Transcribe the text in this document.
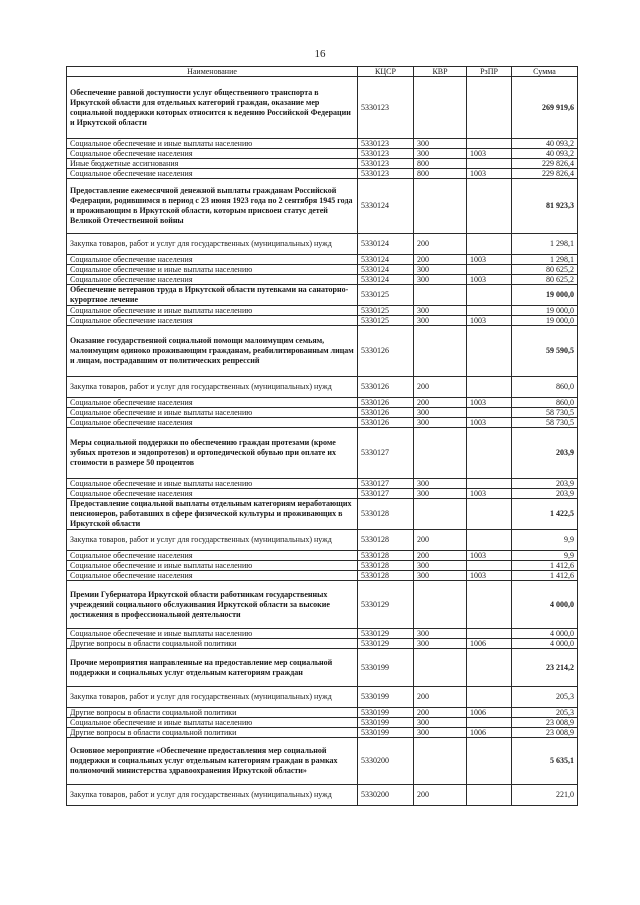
16
Наименование	КЦСР	КВР	РзПР	Сумма
Обеспечение равной доступности услуг общественного транспорта в Иркутской области для отдельных категорий граждан, оказание мер социальной поддержки которых относится к ведению Российской Федерации и Иркутской области	5330123			269 919,6
Социальное обеспечение и иные выплаты населению	5330123	300		40 093,2
Социальное обеспечение населения	5330123	300	1003	40 093,2
Иные бюджетные ассигнования	5330123	800		229 826,4
Социальное обеспечение населения	5330123	800	1003	229 826,4
Предоставление ежемесячной денежной выплаты гражданам Российской Федерации, родившимся в период с 23 июня 1923 года по 2 сентября 1945 года и проживающим в Иркутской области, которым присвоен статус детей Великой Отечественной войны	5330124			81 923,3
Закупка товаров, работ и услуг для государственных (муниципальных) нужд	5330124	200		1 298,1
Социальное обеспечение населения	5330124	200	1003	1 298,1
Социальное обеспечение и иные выплаты населению	5330124	300		80 625,2
Социальное обеспечение населения	5330124	300	1003	80 625,2
Обеспечение ветеранов труда в Иркутской области путевками на санаторно-курортное лечение	5330125			19 000,0
Социальное обеспечение и иные выплаты населению	5330125	300		19 000,0
Социальное обеспечение населения	5330125	300	1003	19 000,0
Оказание государственной социальной помощи малоимущим семьям, малоимущим одиноко проживающим гражданам, реабилитированным лицам и лицам, пострадавшим от политических репрессий	5330126			59 590,5
Закупка товаров, работ и услуг для государственных (муниципальных) нужд	5330126	200		860,0
Социальное обеспечение населения	5330126	200	1003	860,0
Социальное обеспечение и иные выплаты населению	5330126	300		58 730,5
Социальное обеспечение населения	5330126	300	1003	58 730,5
Меры социальной поддержки по обеспечению граждан протезами (кроме зубных протезов и эндопротезов) и ортопедической обувью при оплате их стоимости в размере 50 процентов	5330127			203,9
Социальное обеспечение и иные выплаты населению	5330127	300		203,9
Социальное обеспечение населения	5330127	300	1003	203,9
Предоставление социальной выплаты отдельным категориям неработающих пенсионеров, работавших в сфере физической культуры и проживающих в Иркутской области	5330128			1 422,5
Закупка товаров, работ и услуг для государственных (муниципальных) нужд	5330128	200		9,9
Социальное обеспечение населения	5330128	200	1003	9,9
Социальное обеспечение и иные выплаты населению	5330128	300		1 412,6
Социальное обеспечение населения	5330128	300	1003	1 412,6
Премии Губернатора Иркутской области работникам государственных учреждений социального обслуживания Иркутской области за высокие достижения в профессиональной деятельности	5330129			4 000,0
Социальное обеспечение и иные выплаты населению	5330129	300		4 000,0
Другие вопросы в области социальной политики	5330129	300	1006	4 000,0
Прочие мероприятия направленные на предоставление мер социальной поддержки и социальных услуг отдельным категориям граждан	5330199			23 214,2
Закупка товаров, работ и услуг для государственных (муниципальных) нужд	5330199	200		205,3
Другие вопросы в области социальной политики	5330199	200	1006	205,3
Социальное обеспечение и иные выплаты населению	5330199	300		23 008,9
Другие вопросы в области социальной политики	5330199	300	1006	23 008,9
Основное мероприятие «Обеспечение предоставления мер социальной поддержки и социальных услуг отдельным категориям граждан в рамках полномочий министерства здравоохранения Иркутской области»	5330200			5 635,1
Закупка товаров, работ и услуг для государственных (муниципальных) нужд	5330200	200		221,0
